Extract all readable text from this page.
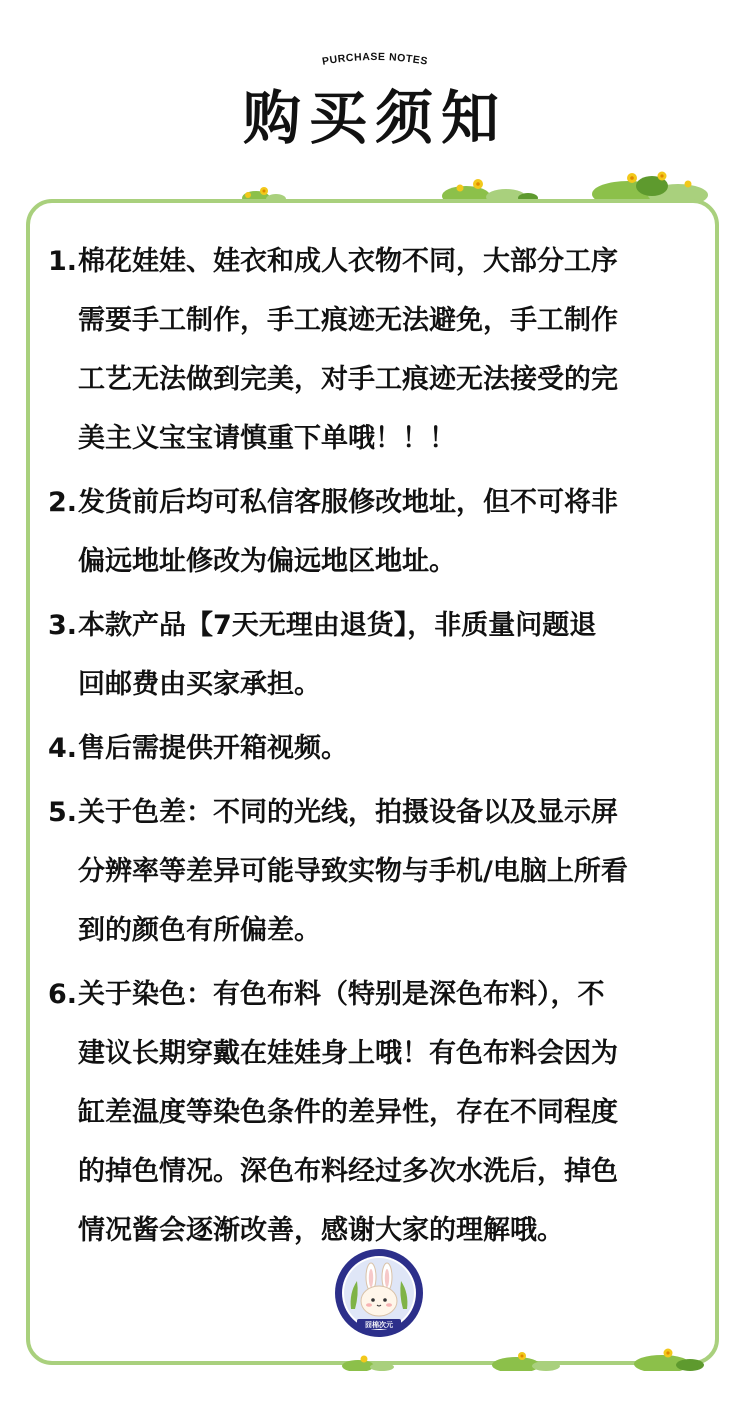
PURCHASE NOTES
购买须知
1. 棉花娃娃、娃衣和成人衣物不同，大部分工序
需要手工制作，手工痕迹无法避免，手工制作
工艺无法做到完美，对手工痕迹无法接受的完
美主义宝宝请慎重下单哦！！！
2. 发货前后均可私信客服修改地址，但不可将非
偏远地址修改为偏远地区地址。
3. 本款产品【7天无理由退货】，非质量问题退
回邮费由买家承担。
4. 售后需提供开箱视频。
5. 关于色差：不同的光线，拍摄设备以及显示屏
分辨率等差异可能导致实物与手机/电脑上所看
到的颜色有所偏差。
6. 关于染色：有色布料（特别是深色布料），不
建议长期穿戴在娃娃身上哦！有色布料会因为
缸差温度等染色条件的差异性，存在不同程度
的掉色情况。深色布料经过多次水洗后，掉色
情况酱会逐渐改善，感谢大家的理解哦。
囧棉次元
